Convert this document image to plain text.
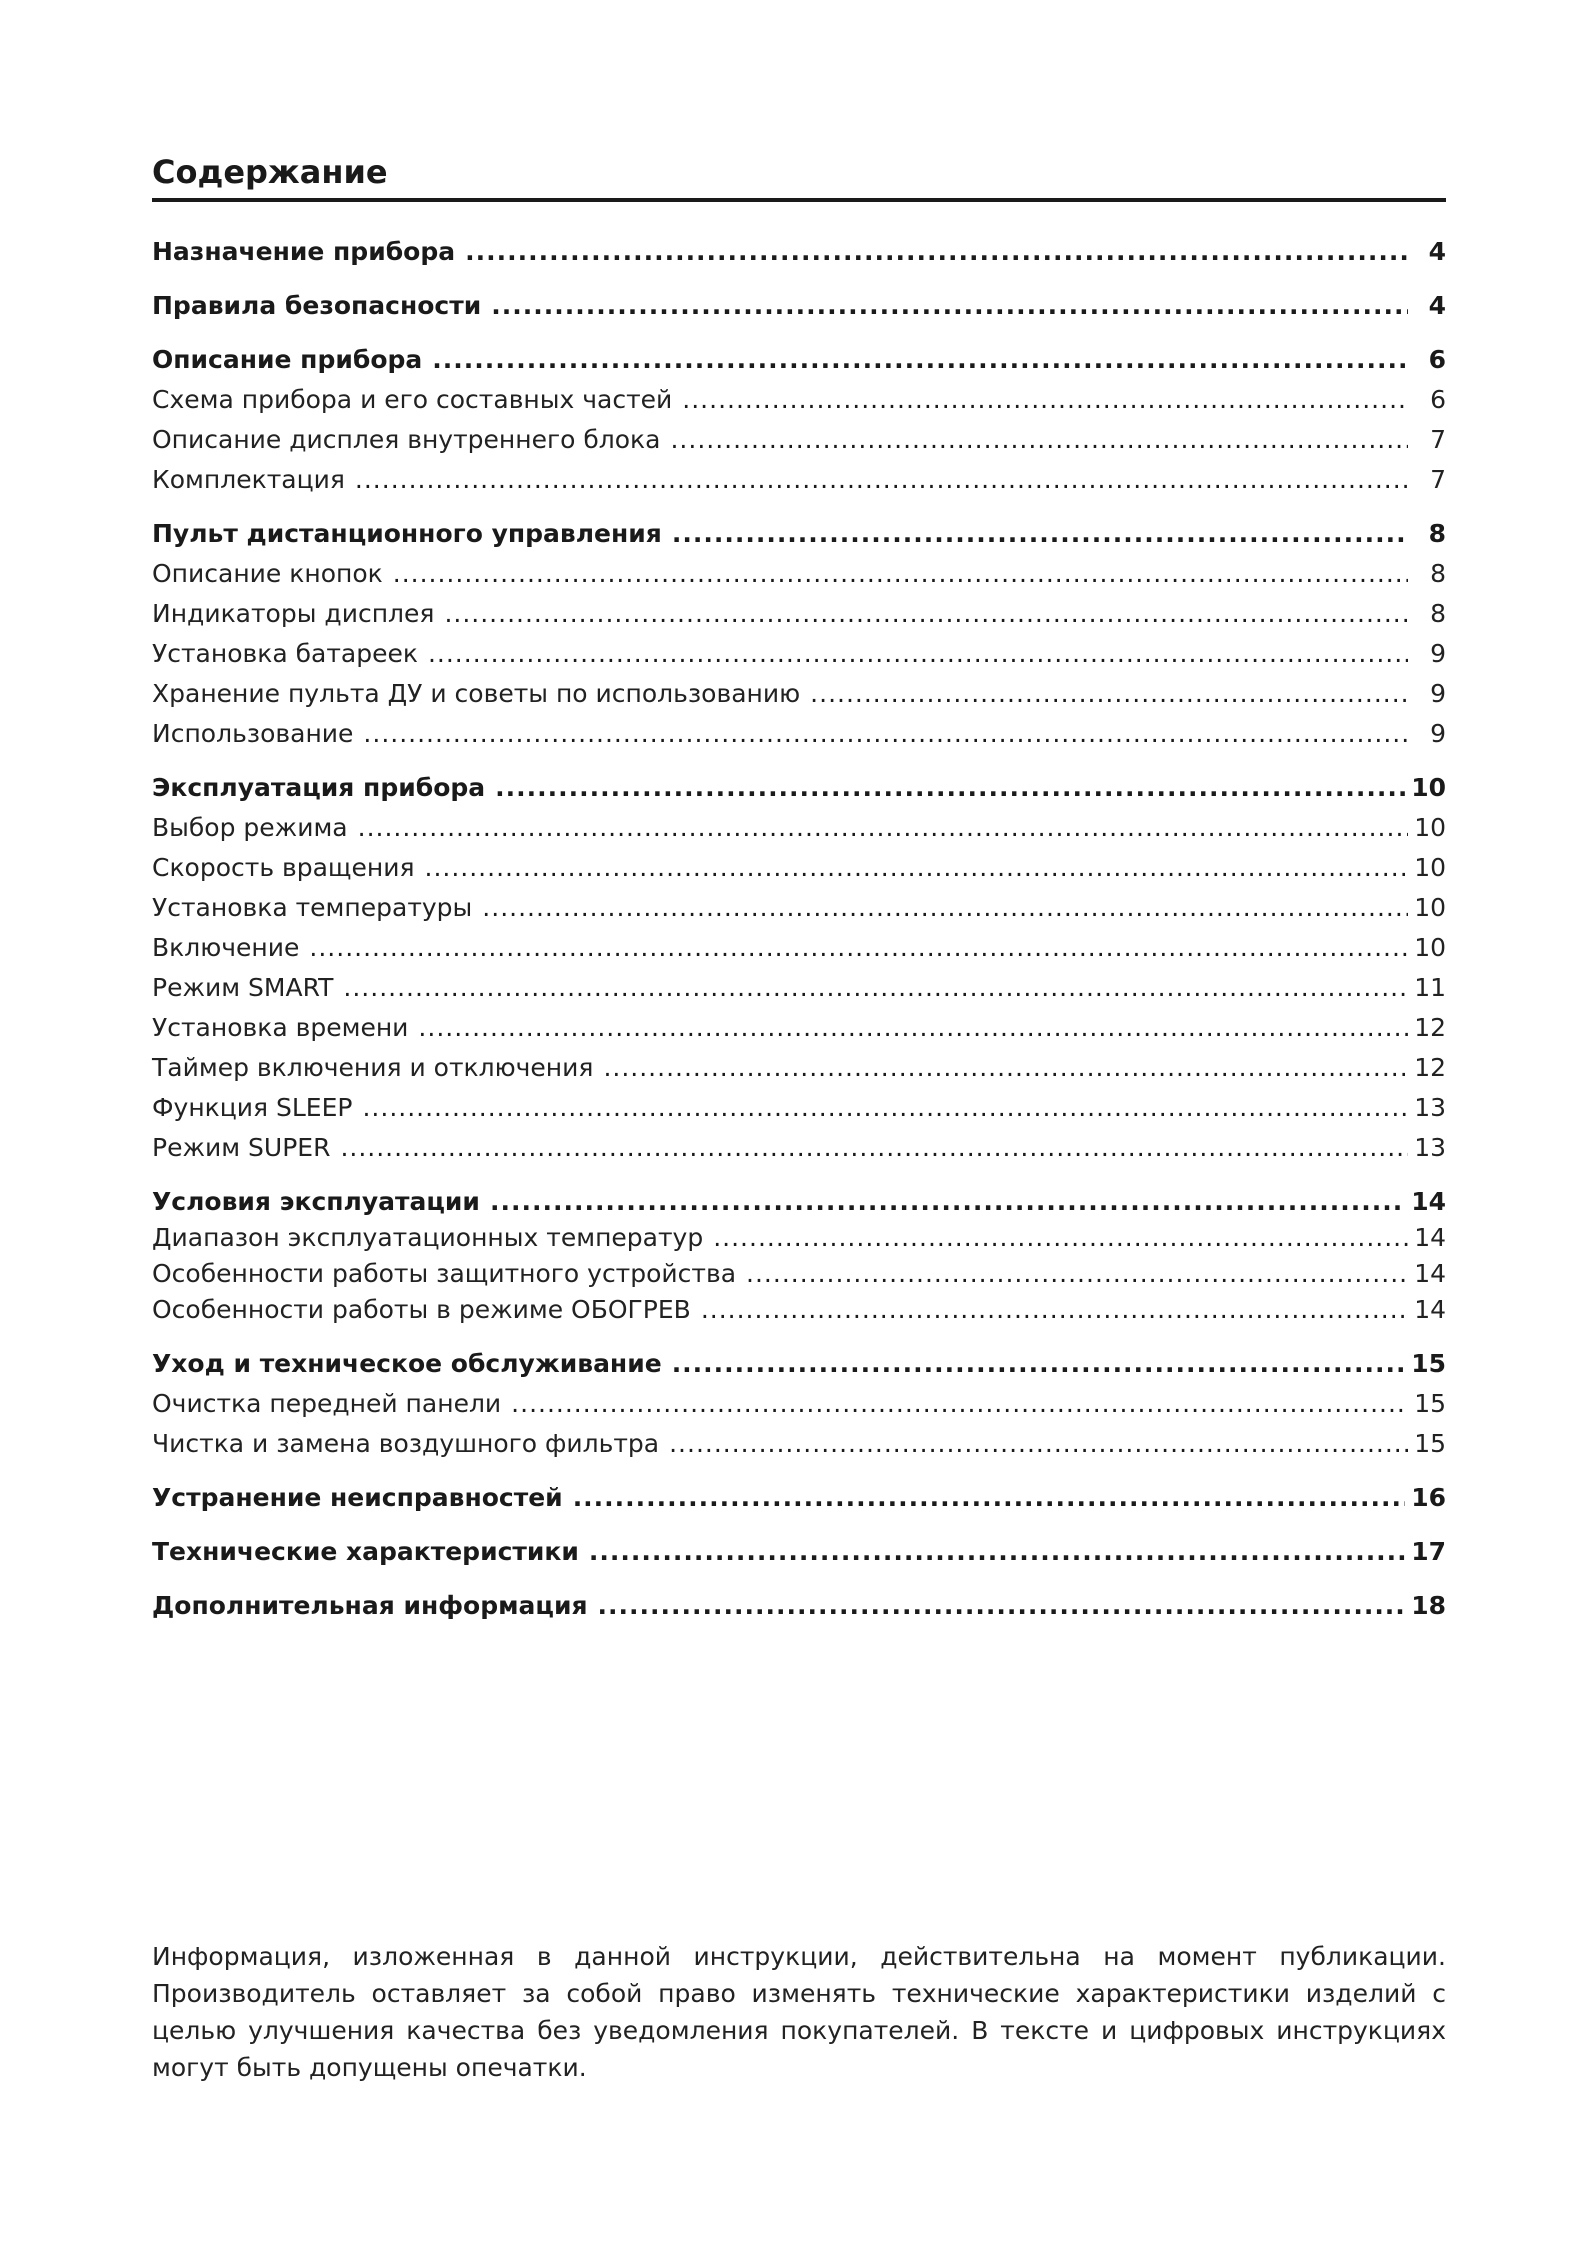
Содержание
Назначение прибора .....	4
Правила безопасности .....	4
Описание прибора .....	6
Схема прибора и его составных частей .....	6
Описание дисплея внутреннего блока .....	7
Комплектация .....	7
Пульт дистанционного управления .....	8
Описание кнопок .....	8
Индикаторы дисплея .....	8
Установка батареек .....	9
Хранение пульта ДУ и советы по использованию .....	9
Использование .....	9
Эксплуатация прибора .....	10
Выбор режима .....	10
Скорость вращения .....	10
Установка температуры .....	10
Включение .....	10
Режим SMART .....	11
Установка времени .....	12
Таймер включения и отключения .....	12
Функция SLEEP .....	13
Режим SUPER .....	13
Условия эксплуатации .....	14
Диапазон эксплуатационных температур .....	14
Особенности работы защитного устройства .....	14
Особенности работы в режиме ОБОГРЕВ .....	14
Уход и техническое обслуживание .....	15
Очистка передней панели .....	15
Чистка и замена воздушного фильтра .....	15
Устранение неисправностей .....	16
Технические характеристики .....	17
Дополнительная информация .....	18

Информация, изложенная в данной инструкции, действительна на момент публикации. Производитель оставляет за собой право изменять технические характеристики изделий с целью улучшения качества без уведомления покупателей. В тексте и цифровых инструкциях могут быть допущены опечатки.
